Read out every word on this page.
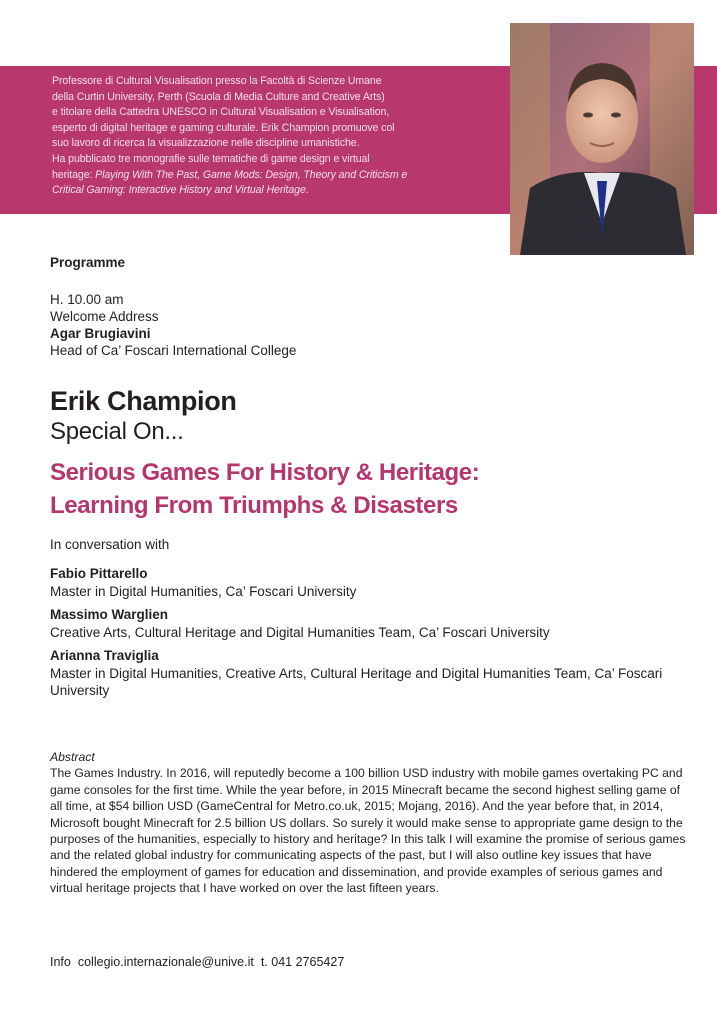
Professore di Cultural Visualisation presso la Facoltà di Scienze Umane
della Curtin University, Perth (Scuola di Media Culture and Creative Arts)
e titolare della Cattedra UNESCO in Cultural Visualisation e Visualisation,
esperto di digital heritage e gaming culturale. Erik Champion promuove col
suo lavoro di ricerca la visualizzazione nelle discipline umanistiche.
Ha pubblicato tre monografie sulle tematiche di game design e virtual
heritage: Playing With The Past, Game Mods: Design, Theory and Criticism e
Critical Gaming: Interactive History and Virtual Heritage.
Programme
H. 10.00 am
Welcome Address
Agar Brugiavini
Head of Ca’ Foscari International College
Erik Champion
Special On...
Serious Games For History & Heritage:
Learning From Triumphs & Disasters
In conversation with
Fabio Pittarello
Master in Digital Humanities, Ca’ Foscari University
Massimo Warglien
Creative Arts, Cultural Heritage and Digital Humanities Team, Ca’ Foscari University
Arianna Traviglia
Master in Digital Humanities, Creative Arts, Cultural Heritage and Digital Humanities Team, Ca’ Foscari University
Abstract
The Games Industry. In 2016, will reputedly become a 100 billion USD industry with mobile games overtaking PC and game consoles for the first time. While the year before, in 2015 Minecraft became the second highest selling game of all time, at $54 billion USD (GameCentral for Metro.co.uk, 2015; Mojang, 2016). And the year before that, in 2014, Microsoft bought Minecraft for 2.5 billion US dollars. So surely it would make sense to appropriate game design to the purposes of the humanities, especially to history and heritage? In this talk I will examine the promise of serious games and the related global industry for communicating aspects of the past, but I will also outline key issues that have hindered the employment of games for education and dissemination, and provide examples of serious games and virtual heritage projects that I have worked on over the last fifteen years.
Info collegio.internazionale@unive.it t. 041 2765427
